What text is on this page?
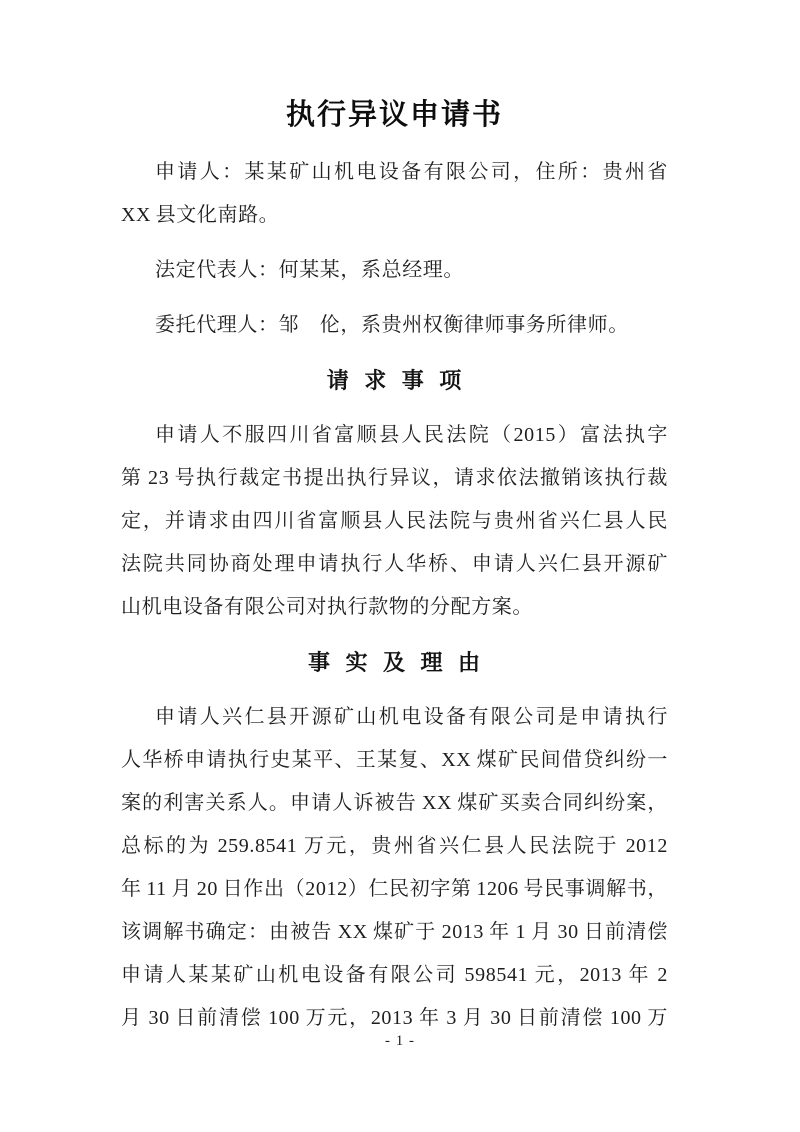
执行异议申请书

申请人：某某矿山机电设备有限公司，住所：贵州省
XX 县文化南路。

法定代表人：何某某，系总经理。

委托代理人：邹　伦，系贵州权衡律师事务所律师。

请 求 事 项

申请人不服四川省富顺县人民法院（2015）富法执字
第 23 号执行裁定书提出执行异议，请求依法撤销该执行裁
定，并请求由四川省富顺县人民法院与贵州省兴仁县人民
法院共同协商处理申请执行人华桥、申请人兴仁县开源矿
山机电设备有限公司对执行款物的分配方案。

事 实 及 理 由

申请人兴仁县开源矿山机电设备有限公司是申请执行
人华桥申请执行史某平、王某复、XX 煤矿民间借贷纠纷一
案的利害关系人。申请人诉被告 XX 煤矿买卖合同纠纷案，
总标的为 259.8541 万元，贵州省兴仁县人民法院于 2012
年 11 月 20 日作出（2012）仁民初字第 1206 号民事调解书，
该调解书确定：由被告 XX 煤矿于 2013 年 1 月 30 日前清偿
申请人某某矿山机电设备有限公司 598541 元，2013 年 2
月 30 日前清偿 100 万元，2013 年 3 月 30 日前清偿 100 万

- 1 -
